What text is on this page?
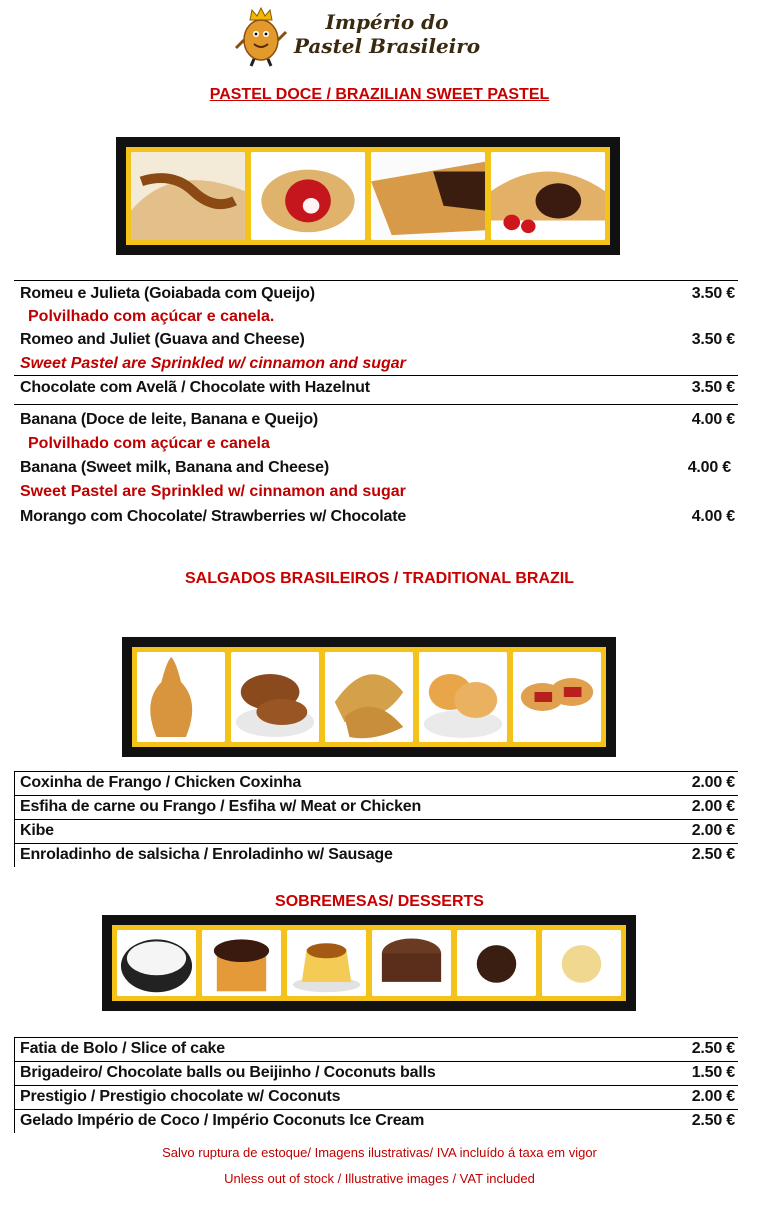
Império do
Pastel Brasileiro
PASTEL DOCE / BRAZILIAN SWEET PASTEL
Romeu e Julieta (Goiabada com Queijo)	3.50 €
Polvilhado com açúcar e canela.
Romeo and Juliet (Guava and Cheese)	3.50 €
Sweet Pastel are Sprinkled w/ cinnamon and sugar
Chocolate com Avelã / Chocolate with Hazelnut	3.50 €
Banana (Doce de leite, Banana e Queijo)	4.00 €
Polvilhado com açúcar e canela
Banana (Sweet milk, Banana and Cheese)	4.00 €
Sweet Pastel are Sprinkled w/ cinnamon and sugar
Morango com Chocolate/ Strawberries w/ Chocolate	4.00 €
SALGADOS BRASILEIROS / TRADITIONAL BRAZIL
Coxinha de Frango / Chicken Coxinha	2.00 €
Esfiha de carne ou Frango / Esfiha w/ Meat or Chicken	2.00 €
Kibe	2.00 €
Enroladinho de salsicha / Enroladinho w/ Sausage	2.50 €
SOBREMESAS/ DESSERTS
Fatia de Bolo / Slice of cake	2.50 €
Brigadeiro/ Chocolate balls ou Beijinho / Coconuts balls	1.50 €
Prestigio / Prestigio chocolate w/ Coconuts	2.00 €
Gelado Império de Coco / Império Coconuts Ice Cream	2.50 €
Salvo ruptura de estoque/ Imagens ilustrativas/ IVA incluído á taxa em vigor
Unless out of stock / Illustrative images / VAT included
